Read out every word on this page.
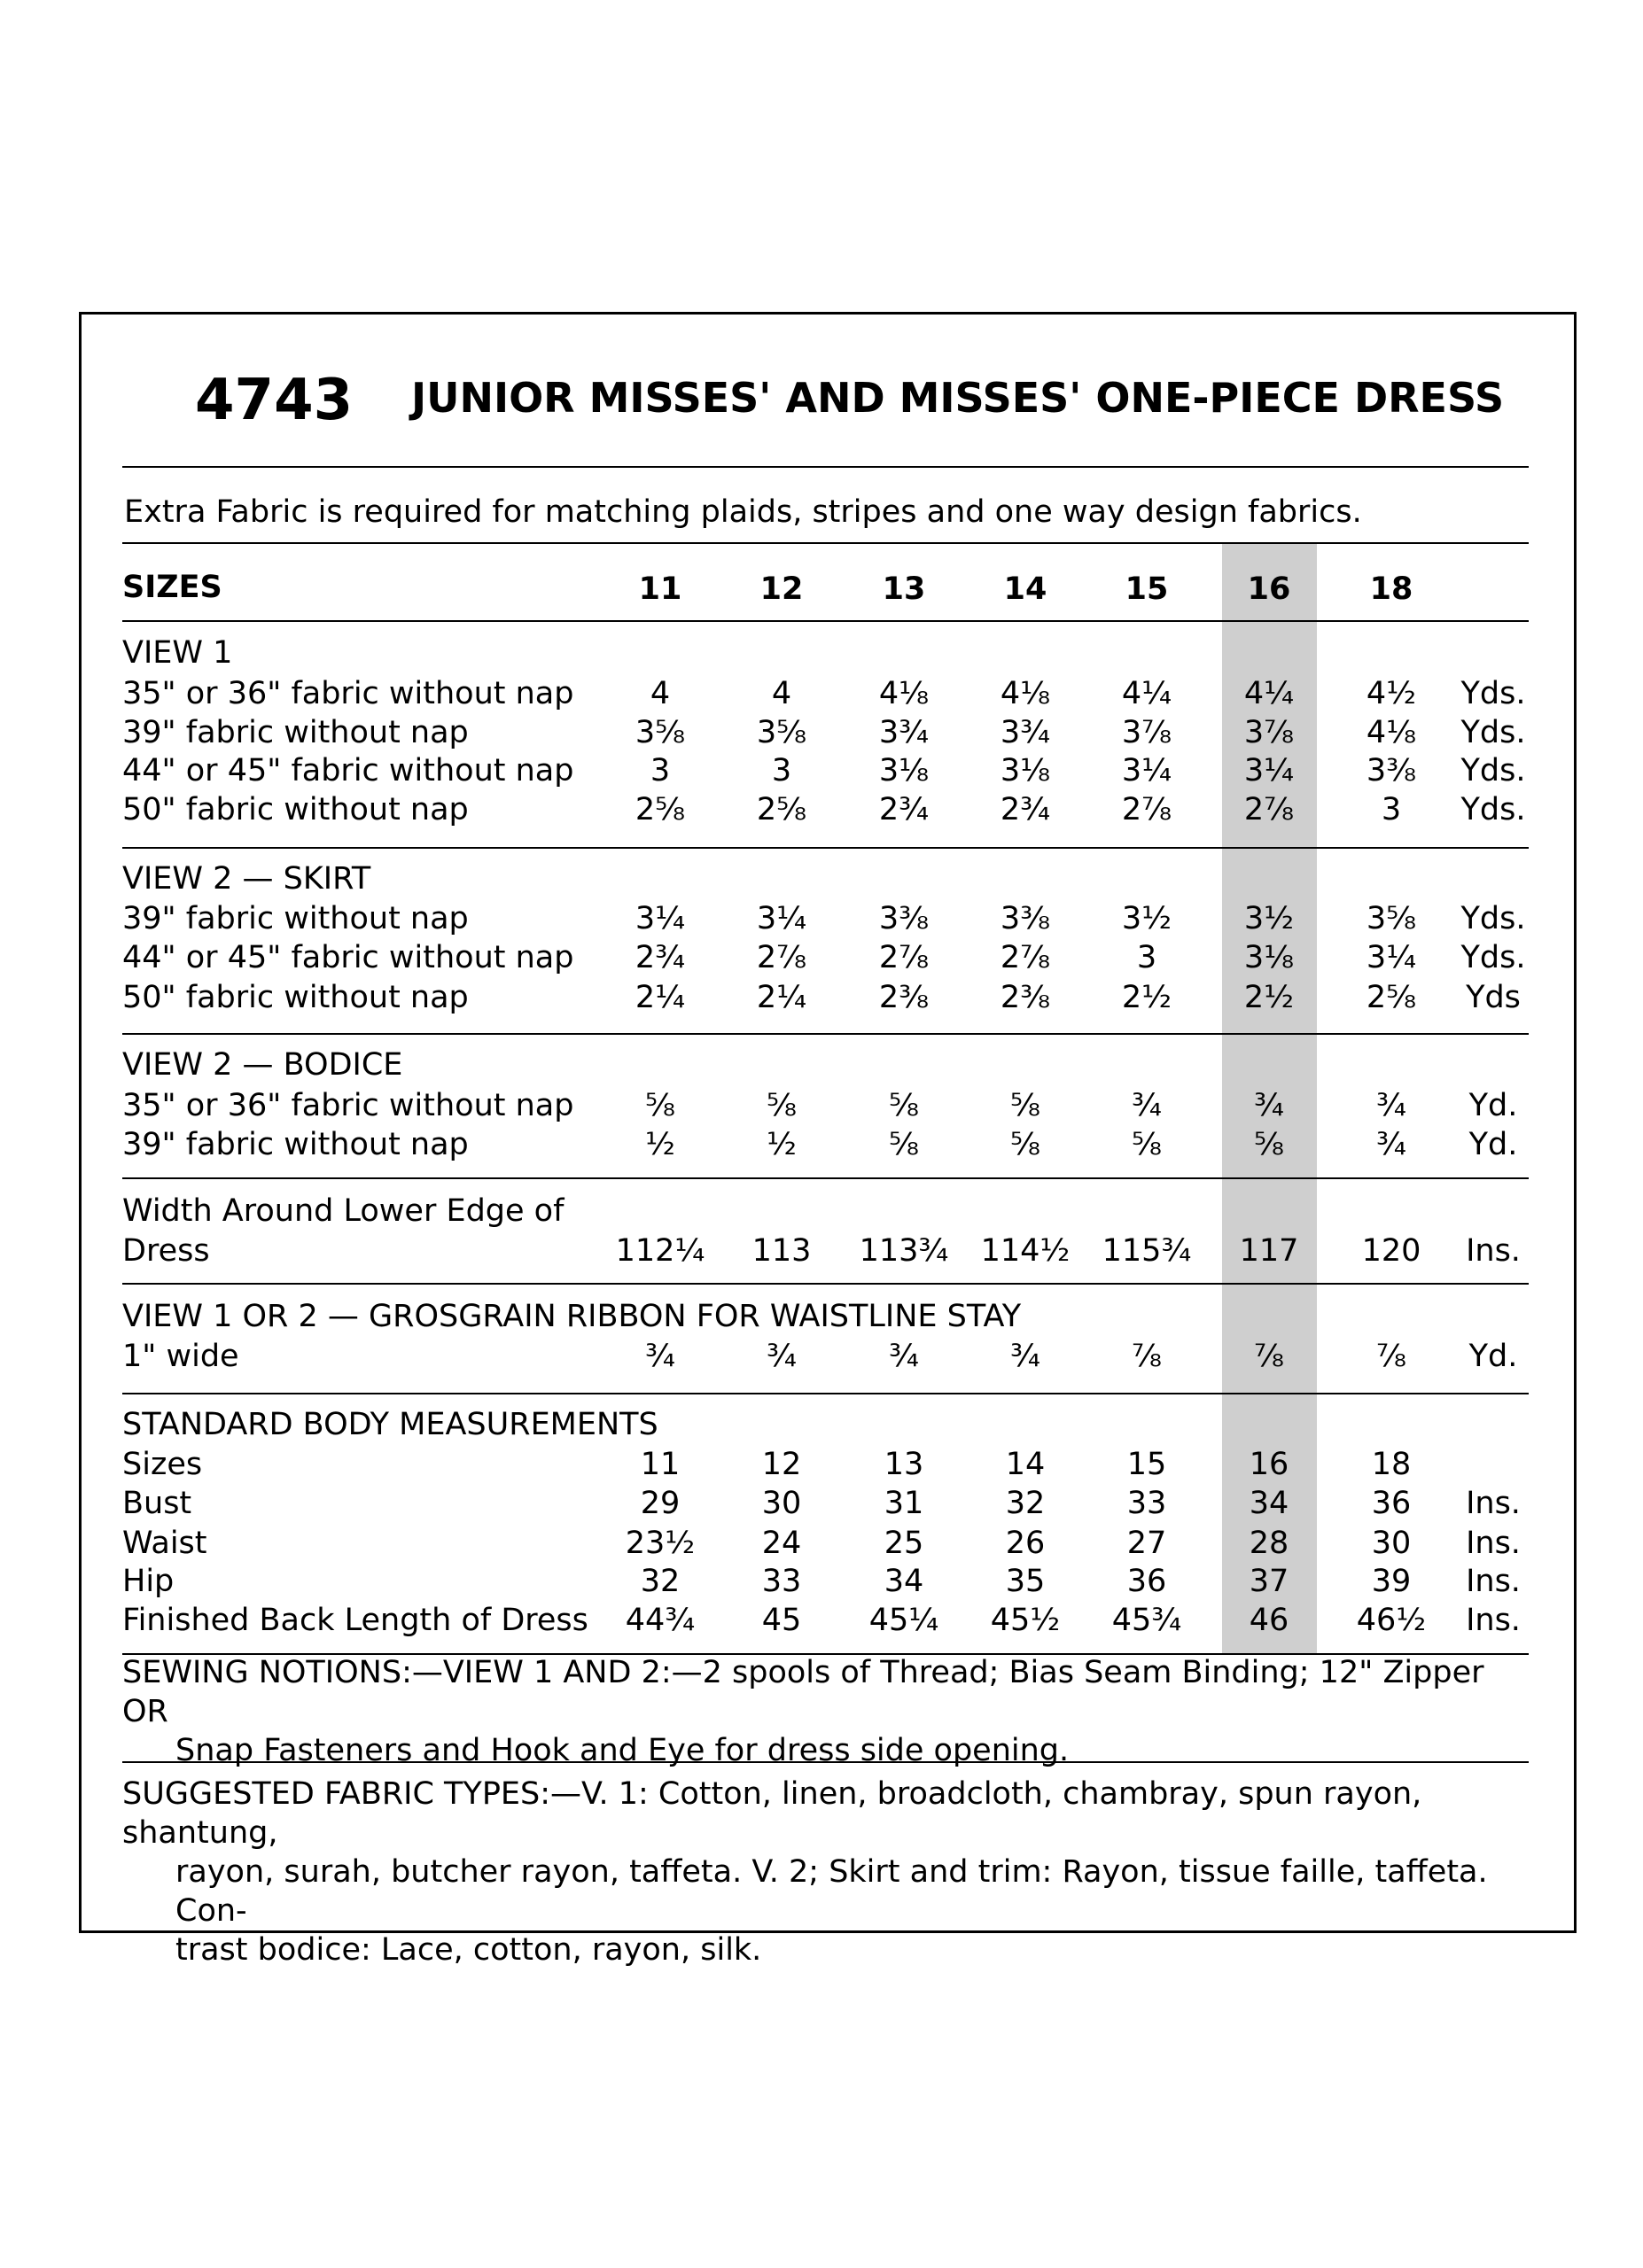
4743 JUNIOR MISSES' AND MISSES' ONE-PIECE DRESS
Extra Fabric is required for matching plaids, stripes and one way design fabrics.
SEWING NOTIONS:—VIEW 1 AND 2:—2 spools of Thread; Bias Seam Binding; 12" Zipper OR
Snap Fasteners and Hook and Eye for dress side opening.
SUGGESTED FABRIC TYPES:—V. 1: Cotton, linen, broadcloth, chambray, spun rayon, shantung,
rayon, surah, butcher rayon, taffeta. V. 2; Skirt and trim: Rayon, tissue faille, taffeta. Con-
trast bodice: Lace, cotton, rayon, silk.
SIZES	11	12	13	14	15	16	18
VIEW 1
35" or 36" fabric without nap	4	4	4⅛	4⅛	4¼	4¼	4½	Yds.
39" fabric without nap	3⅝	3⅝	3¾	3¾	3⅞	3⅞	4⅛	Yds.
44" or 45" fabric without nap	3	3	3⅛	3⅛	3¼	3¼	3⅜	Yds.
50" fabric without nap	2⅝	2⅝	2¾	2¾	2⅞	2⅞	3	Yds.
VIEW 2 — SKIRT
39" fabric without nap	3¼	3¼	3⅜	3⅜	3½	3½	3⅝	Yds.
44" or 45" fabric without nap	2¾	2⅞	2⅞	2⅞	3	3⅛	3¼	Yds.
50" fabric without nap	2¼	2¼	2⅜	2⅜	2½	2½	2⅝	Yds
VIEW 2 — BODICE
35" or 36" fabric without nap	⅝	⅝	⅝	⅝	¾	¾	¾	Yd.
39" fabric without nap	½	½	⅝	⅝	⅝	⅝	¾	Yd.
Width Around Lower Edge of
Dress	112¼	113	113¾ 114½ 115¾	117	120	Ins.
VIEW 1 OR 2 — GROSGRAIN RIBBON FOR WAISTLINE STAY
1" wide	¾	¾	¾	¾	⅞	⅞	⅞	Yd.
STANDARD BODY MEASUREMENTS
Sizes	11	12	13	14	15	16	18
Bust	29	30	31	32	33	34	36	Ins.
Waist	23½	24	25	26	27	28	30	Ins.
Hip	32	33	34	35	36	37	39	Ins.
Finished Back Length of Dress	44¾	45	45¼	45½	45¾	46	46½	Ins.
